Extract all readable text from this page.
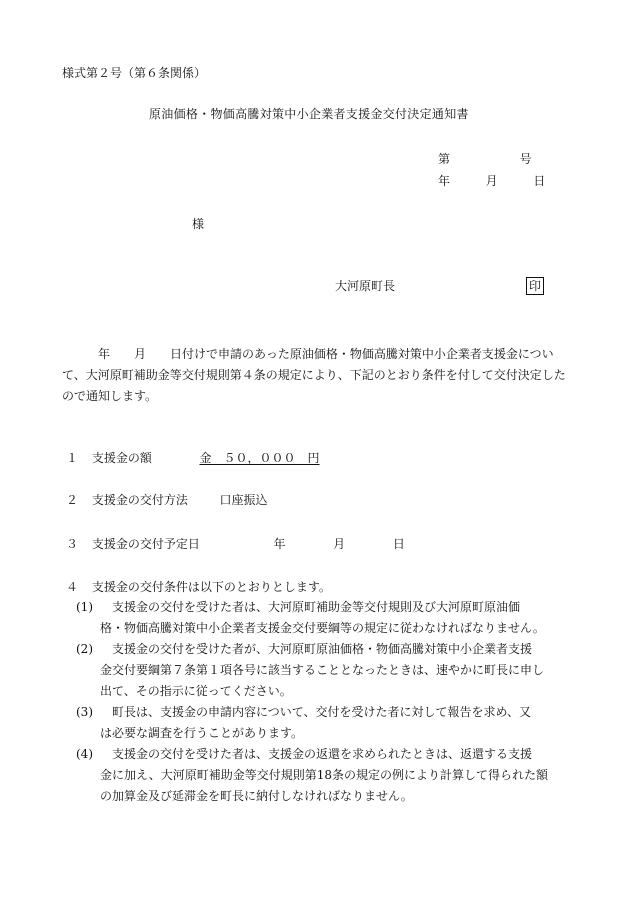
様式第２号（第６条関係）
原油価格・物価高騰対策中小企業者支援金交付決定通知書
第	号
年	月	日
様
大河原町長	印
　　　年　　月　　日付けで申請のあった原油価格・物価高騰対策中小企業者支援金について、大河原町補助金等交付規則第４条の規定により、下記のとおり条件を付して交付決定したので通知します。
１ 支援金の額	金　５０，０００　円
２ 支援金の交付方法	口座振込
３ 支援金の交付予定日	年	月	日
４ 支援金の交付条件は以下のとおりとします。
(1)	支援金の交付を受けた者は、大河原町補助金等交付規則及び大河原町原油価
格・物価高騰対策中小企業者支援金交付要綱等の規定に従わなければなりません。
(2)	支援金の交付を受けた者が、大河原町原油価格・物価高騰対策中小企業者支援
金交付要綱第７条第１項各号に該当することとなったときは、速やかに町長に申し
出て、その指示に従ってください。
(3)	町長は、支援金の申請内容について、交付を受けた者に対して報告を求め、又
は必要な調査を行うことがあります。
(4)	支援金の交付を受けた者は、支援金の返還を求められたときは、返還する支援
金に加え、大河原町補助金等交付規則第18条の規定の例により計算して得られた額
の加算金及び延滞金を町長に納付しなければなりません。
